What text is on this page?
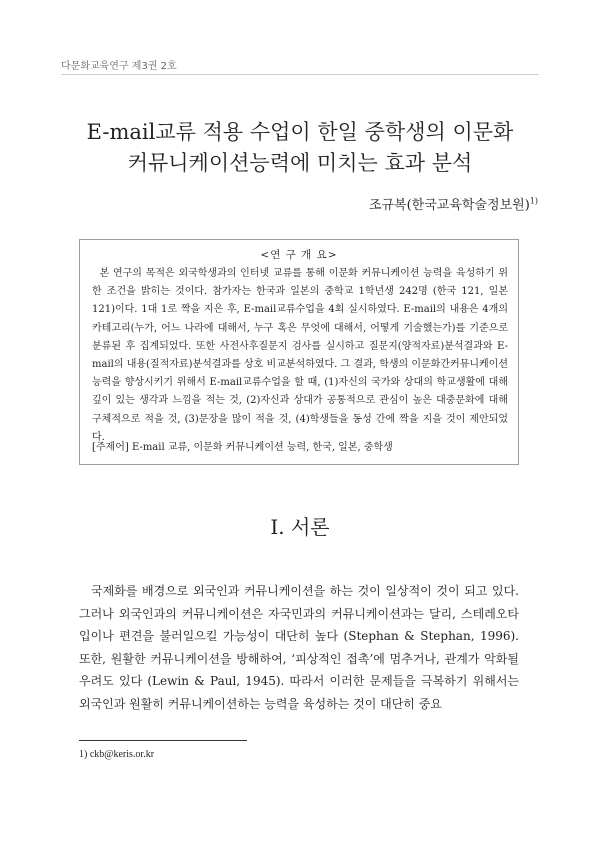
다문화교육연구 제3권 2호
E-mail교류 적용 수업이 한일 중학생의 이문화
커뮤니케이션능력에 미치는 효과 분석
조규복(한국교육학술정보원)$^{1)}$
<연 구 개 요>

본 연구의 목적은 외국학생과의 인터넷 교류를 통해 이문화 커뮤니케이션 능력을 육성하기 위한 조건을 밝히는 것이다. 참가자는 한국과 일본의 중학교 1학년생 242명 (한국 121, 일본 121)이다. 1대 1로 짝을 지은 후, E-mail교류수업을 4회 실시하였다. E-mail의 내용은 4개의 카테고리(누가, 어느 나라에 대해서, 누구 혹은 무엇에 대해서, 어떻게 기술했는가)를 기준으로 분류된 후 집계되었다. 또한 사전사후질문지 검사를 실시하고 질문지(양적자료)분석결과와 E-mail의 내용(질적자료)분석결과를 상호 비교분석하였다. 그 결과, 학생의 이문화간커뮤니케이션 능력을 향상시키기 위해서 E-mail교류수업을 할 때, (1)자신의 국가와 상대의 학교생활에 대해 깊이 있는 생각과 느낌을 적는 것, (2)자신과 상대가 공통적으로 관심이 높은 대중문화에 대해 구체적으로 적을 것, (3)문장을 많이 적을 것, (4)학생들을 동성 간에 짝을 지을 것이 제안되었다.

[주제어] E-mail 교류, 이문화 커뮤니케이션 능력, 한국, 일본, 중학생

Ⅰ. 서론

국제화를 배경으로 외국인과 커뮤니케이션을 하는 것이 일상적이 것이 되고 있다. 그러나 외국인과의 커뮤니케이션은 자국민과의 커뮤니케이션과는 달리, 스테레오타입이나 편견을 불러일으킬 가능성이 대단히 높다 (Stephan & Stephan, 1996). 또한, 원활한 커뮤니케이션을 방해하여, ‘피상적인 접촉’에 멈추거나, 관계가 악화될 우려도 있다 (Lewin & Paul, 1945). 따라서 이러한 문제들을 극복하기 위해서는 외국인과 원활히 커뮤니케이션하는 능력을 육성하는 것이 대단히 중요

1) ckb@keris.or.kr
